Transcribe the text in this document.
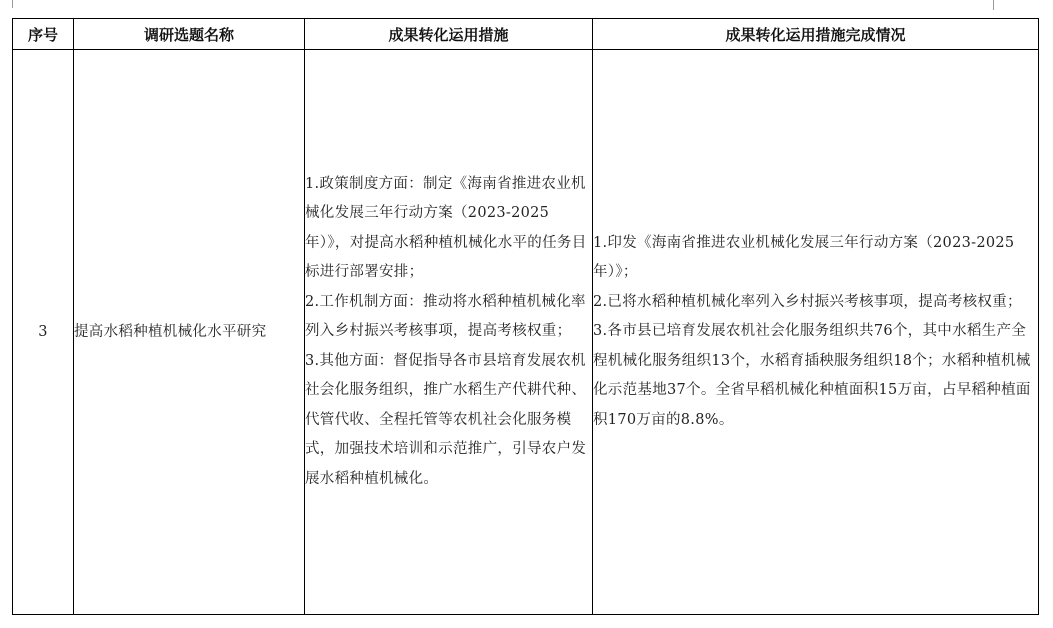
序号	调研选题名称	成果转化运用措施	成果转化运用措施完成情况
3	提高水稻种植机械化水平研究	1.政策制度方面：制定《海南省推进农业机械化发展三年行动方案（2023-2025年）》，对提高水稻种植机械化水平的任务目标进行部署安排；
2.工作机制方面：推动将水稻种植机械化率列入乡村振兴考核事项，提高考核权重；
3.其他方面：督促指导各市县培育发展农机社会化服务组织，推广水稻生产代耕代种、代管代收、全程托管等农机社会化服务模式，加强技术培训和示范推广，引导农户发展水稻种植机械化。	1.印发《海南省推进农业机械化发展三年行动方案（2023-2025年）》；
2.已将水稻种植机械化率列入乡村振兴考核事项，提高考核权重；
3.各市县已培育发展农机社会化服务组织共76个，其中水稻生产全程机械化服务组织13个，水稻育插秧服务组织18个；水稻种植机械化示范基地37个。全省早稻机械化种植面积15万亩，占早稻种植面积170万亩的8.8%。
